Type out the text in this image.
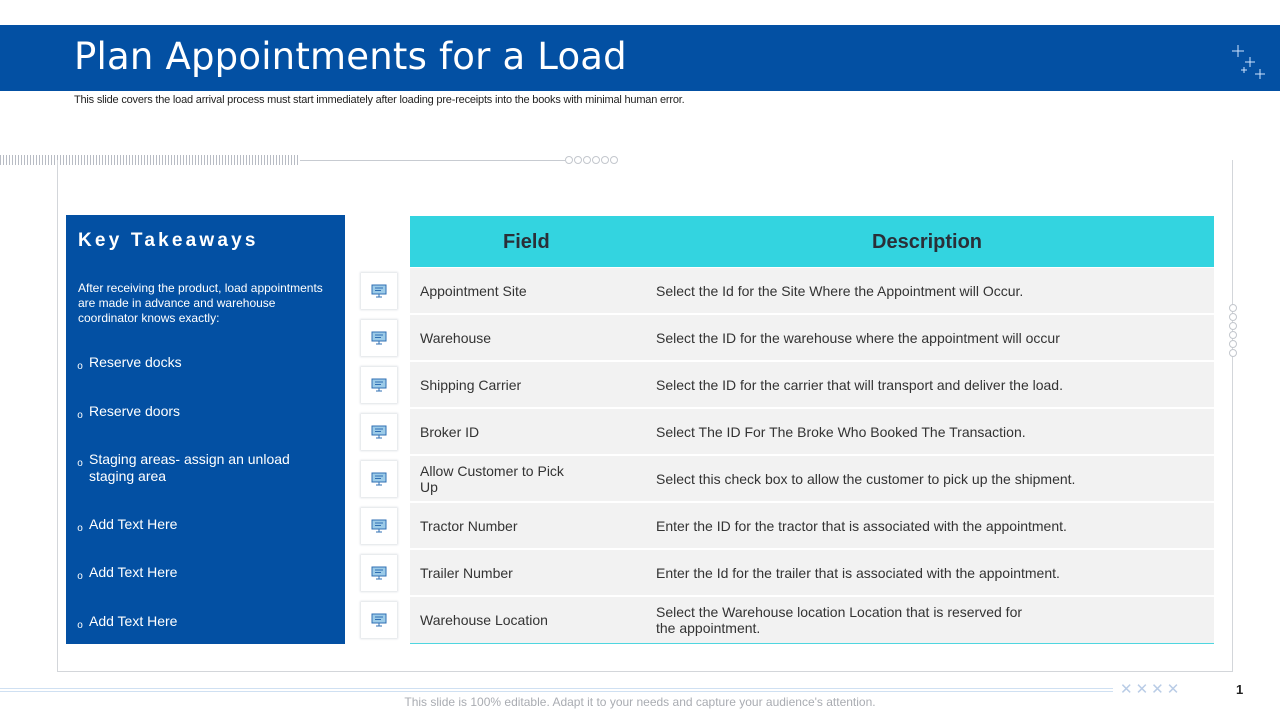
Plan Appointments for a Load
This slide covers the load arrival process must start immediately after loading pre-receipts into the books with minimal human error.
Key Takeaways
After receiving the product, load appointments are made in advance and warehouse coordinator knows exactly:
o Reserve docks
o Reserve doors
o Staging areas- assign an unload staging area
o Add Text Here
o Add Text Here
o Add Text Here
Field	Description
Appointment Site	Select the Id for the Site Where the Appointment will Occur.
Warehouse	Select the ID for the warehouse where the appointment will occur
Shipping Carrier	Select the ID for the carrier that will transport and deliver the load.
Broker ID	Select The ID For The Broke Who Booked The Transaction.
Allow Customer to Pick Up	Select this check box to allow the customer to pick up the shipment.
Tractor Number	Enter the ID for the tractor that is associated with the appointment.
Trailer Number	Enter the Id for the trailer that is associated with the appointment.
Warehouse Location	Select the Warehouse location Location that is reserved for the appointment.
✕ ✕ ✕ ✕
This slide is 100% editable. Adapt it to your needs and capture your audience's attention.
1
